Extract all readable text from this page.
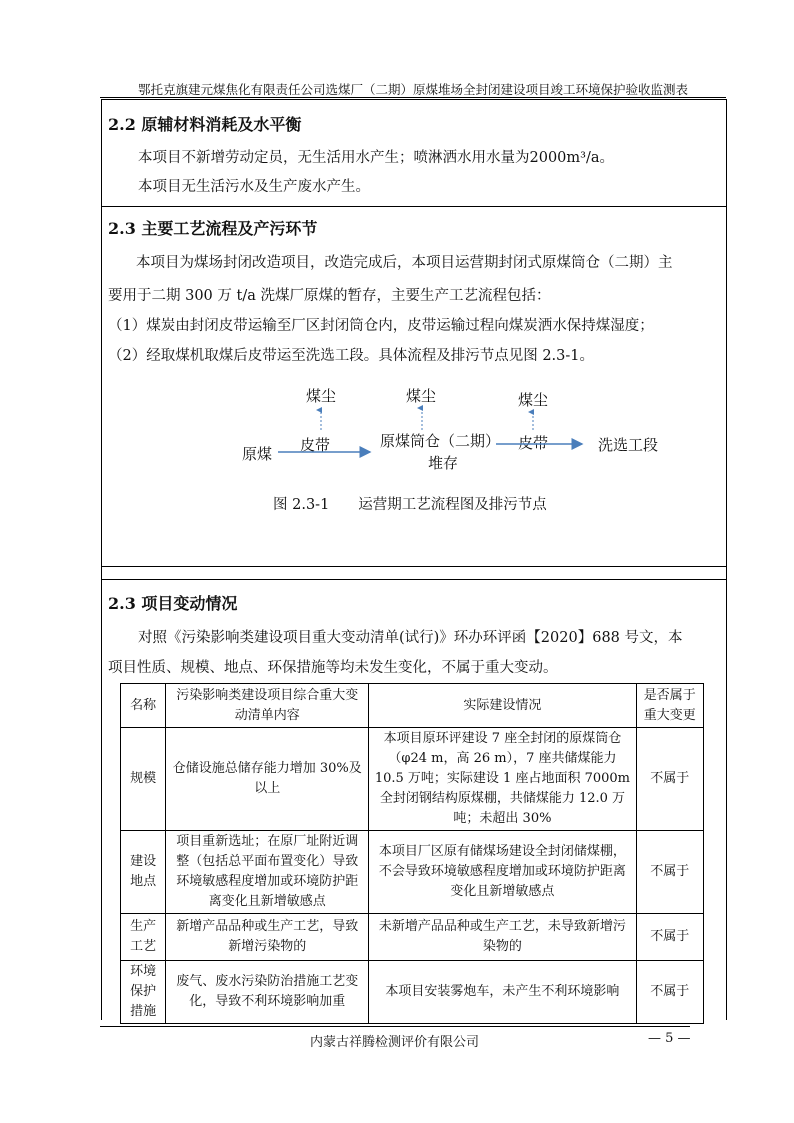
鄂托克旗建元煤焦化有限责任公司选煤厂（二期）原煤堆场全封闭建设项目竣工环境保护验收监测表
2.2 原辅材料消耗及水平衡
本项目不新增劳动定员，无生活用水产生；喷淋洒水用水量为2000m³/a。
本项目无生活污水及生产废水产生。
2.3 主要工艺流程及产污环节
本项目为煤场封闭改造项目，改造完成后，本项目运营期封闭式原煤筒仓（二期）主
要用于二期 300 万 t/a 洗煤厂原煤的暂存，主要生产工艺流程包括：
（1）煤炭由封闭皮带运输至厂区封闭筒仓内，皮带运输过程向煤炭洒水保持煤湿度；
（2）经取煤机取煤后皮带运至洗选工段。具体流程及排污节点见图 2.3-1。
煤尘	煤尘	煤尘
原煤 皮带	原煤筒仓（二期）
堆存
皮带	洗选工段
图 2.3-1　　运营期工艺流程图及排污节点
2.3 项目变动情况
对照《污染影响类建设项目重大变动清单(试行)》环办环评函【2020】688 号文，本
项目性质、规模、地点、环保措施等均未发生变化，不属于重大变动。
名称	污染影响类建设项目综合重大变动清单内容	实际建设情况	是否属于重大变更
规模	仓储设施总储存能力增加 30%及以上	本项目原环评建设 7 座全封闭的原煤筒仓（φ24 m，高 26 m），7 座共储煤能力 10.5 万吨；实际建设 1 座占地面积 7000m 全封闭钢结构原煤棚，共储煤能力 12.0 万吨；未超出 30%	不属于
建设地点	项目重新选址；在原厂址附近调整（包括总平面布置变化）导致环境敏感程度增加或环境防护距离变化且新增敏感点	本项目厂区原有储煤场建设全封闭储煤棚，不会导致环境敏感程度增加或环境防护距离变化且新增敏感点	不属于
生产工艺	新增产品品种或生产工艺，导致新增污染物的	未新增产品品种或生产工艺，未导致新增污染物的	不属于
环境保护措施	废气、废水污染防治措施工艺变化，导致不利环境影响加重	本项目安装雾炮车，未产生不利环境影响	不属于
内蒙古祥腾检测评价有限公司	— 5 —
